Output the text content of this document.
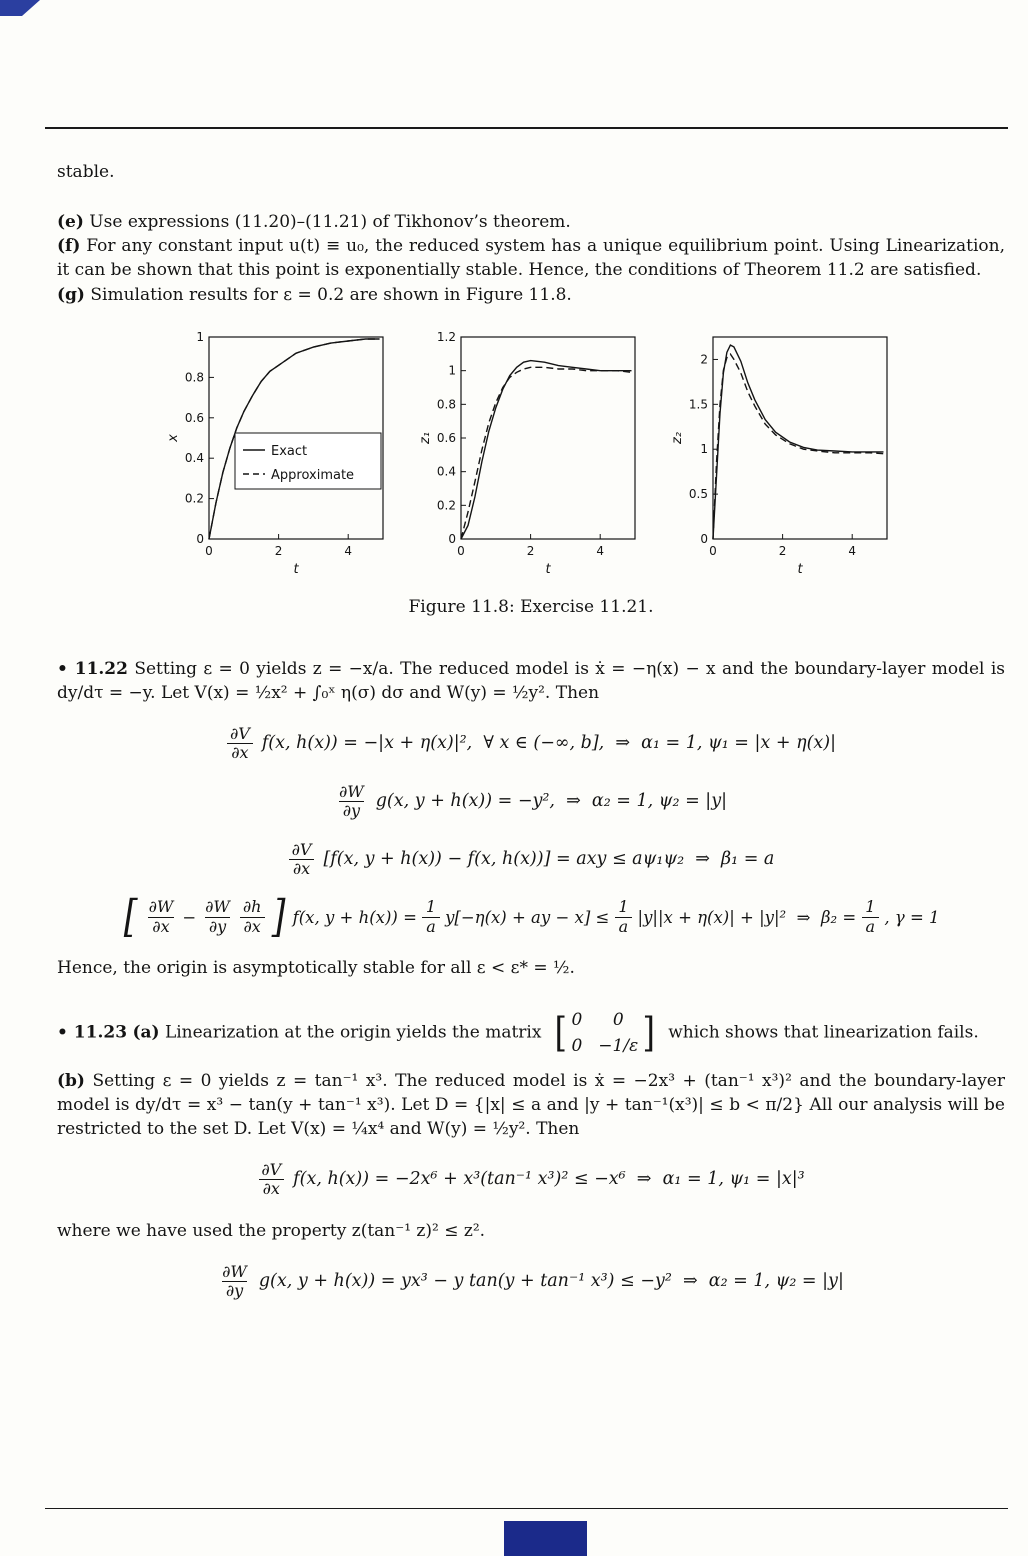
stable.

(e) Use expressions (11.20)–(11.21) of Tikhonov’s theorem.

(f) For any constant input u(t) ≡ u₀, the reduced system has a unique equilibrium point. Using Linearization, it can be shown that this point is exponentially stable. Hence, the conditions of Theorem 11.2 are satisfied.

(g) Simulation results for ε = 0.2 are shown in Figure 11.8.

0	2	4
0
0.2
0.4
0.6
0.8
1
x
t
Exact
Approximate
0	2	4
0
0.2
0.4
0.6
0.8
1
1.2
z₁
t
0	2	4
0
0.5
1
1.5
2
z₂
t

Figure 11.8: Exercise 11.21.

• 11.22 Setting ε = 0 yields z = −x/a. The reduced model is ẋ = −η(x) − x and the boundary-layer model is dy/dτ = −y. Let V(x) = ½x² + ∫₀ˣ η(σ) dσ and W(y) = ½y². Then

$\frac{\partial V}{\partial x} f(x$, h(x)) = −|x + η(x)|²,  ∀ x ∈ (−∞, b],  ⇒  α₁ = 1, ψ₁ = |x + η(x)|
$\frac{\partial W}{\partial y} g(x$, y + h(x)) = −y²,  ⇒  α₂ = 1, ψ₂ = |y|
$\frac{\partial V}{\partial x} [f(x$, y + h(x)) − f(x, h(x))] = axy ≤ aψ₁ψ₂  ⇒  β₁ = a
[ $\frac{\partial W}{\partial x} - \frac{\partial W}{\partial y} \frac{\partial h}{\partial x}$ ] f(x, $y + h(x)) = \frac{1}{a} y[-\eta(x)$ + ay − $x] \le \frac{1}{a} |y||x + \eta(x)| + |y|^2$  ⇒  $\beta_2 = \frac{1}{a}$ , γ = 1

Hence, the origin is asymptotically stable for all ε < ε* = ½.

• 11.23 (a) Linearization at the origin yields the matrix [ 0	0
0 −1/ε ] which shows that linearization fails.

(b) Setting ε = 0 yields z = tan⁻¹ x³. The reduced model is ẋ = −2x³ + (tan⁻¹ x³)² and the boundary-layer model is dy/dτ = x³ − tan(y + tan⁻¹ x³). Let D = {|x| ≤ a and |y + tan⁻¹(x³)| ≤ b < π/2} All our analysis will be restricted to the set D. Let V(x) = ¼x⁴ and W(y) = ½y². Then

$\frac{\partial V}{\partial x} f(x$, h(x)) = −2x⁶ + x³(tan⁻¹ x³)² ≤ −x⁶  ⇒  α₁ = 1, ψ₁ = |x|³

where we have used the property z(tan⁻¹ z)² ≤ z².

$\frac{\partial W}{\partial y} g(x$, y + h(x)) = yx³ − y tan(y + tan⁻¹ x³) ≤ −y²  ⇒  α₂ = 1, ψ₂ = |y|
